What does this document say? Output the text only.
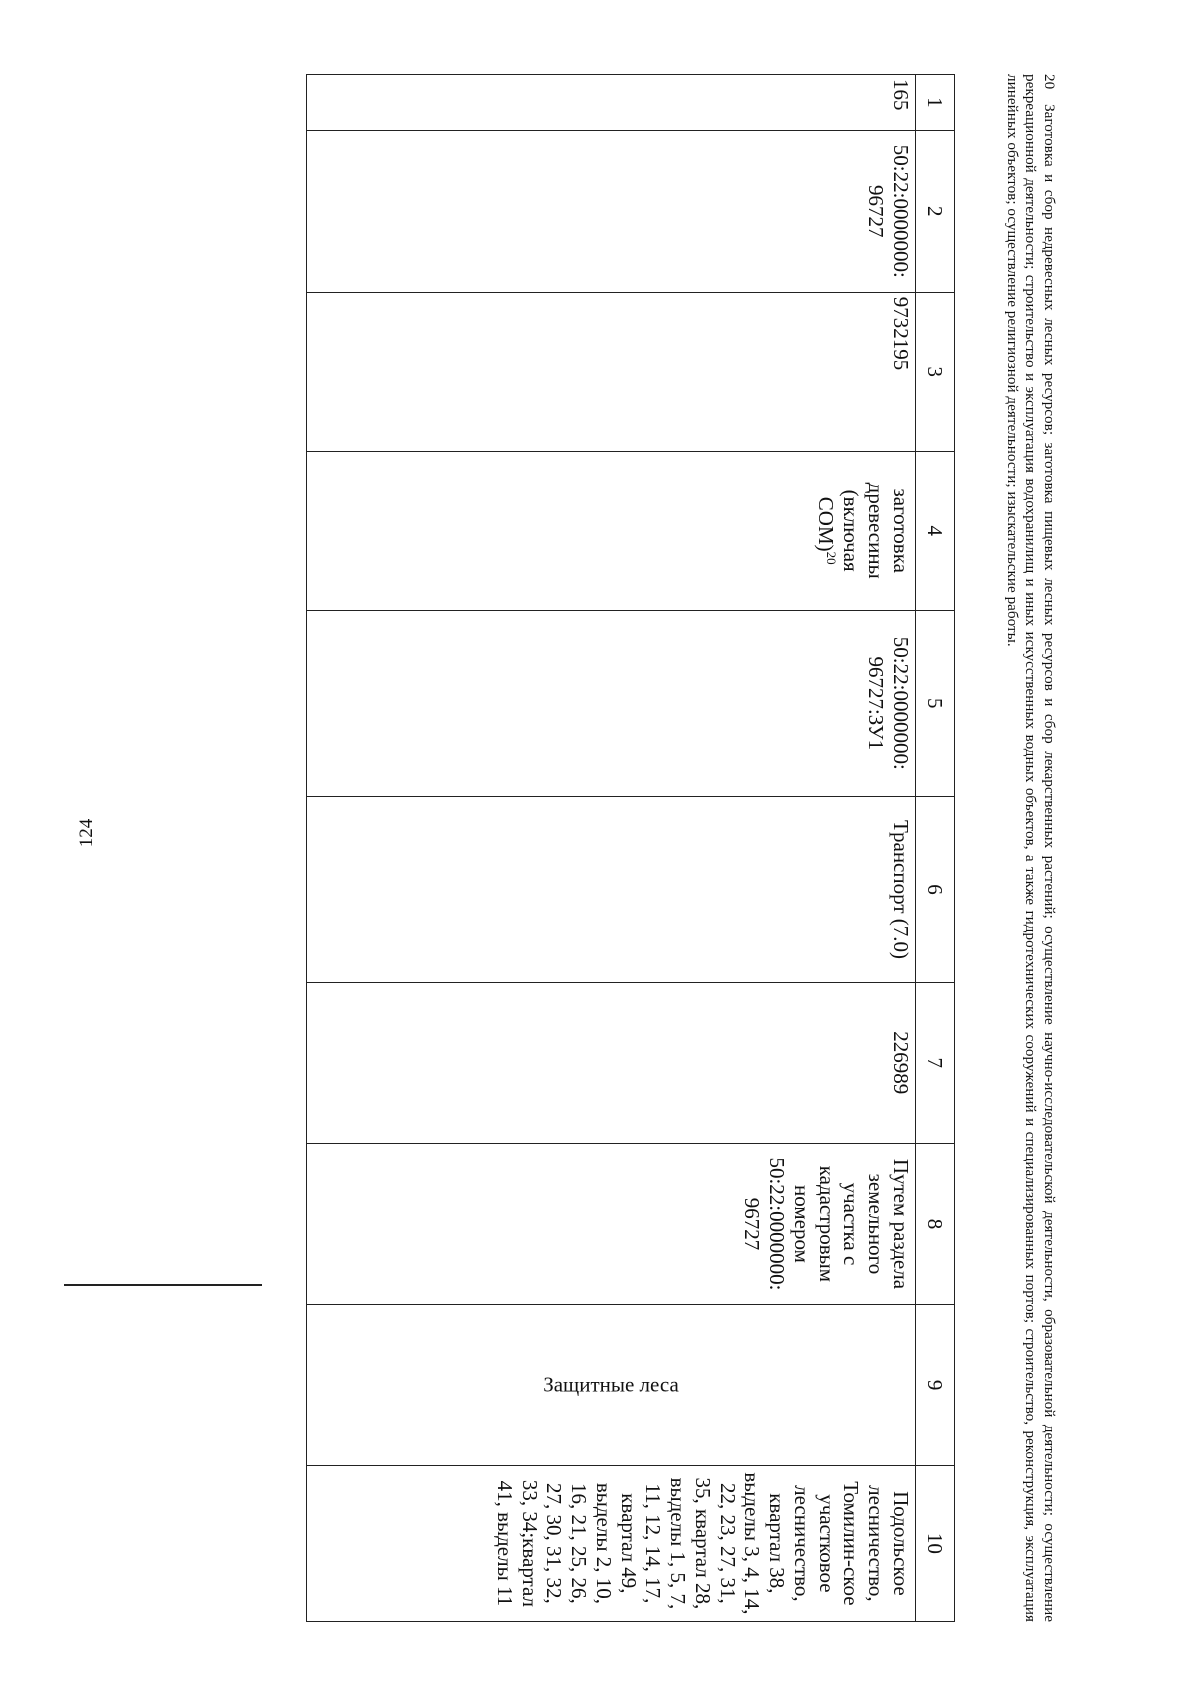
124
1	2	3	4	5	6	7	8	9	10
165	50:22:0000000: 96727	9732195	заготовка древесины (включая СОМ)$^{20}$	50:22:0000000: 96727:ЗУ1	Транспорт (7.0)	226989	Путем раздела земельного участка с кадастровым номером 50:22:0000000: 96727	Защитные леса	Подольское лесничество, Томилин-ское участковое лесничество, квартал 38, выделы 3, 4, 14, 22, 23, 27, 31, 35, квартал 28, выделы 1, 5, 7, 11, 12, 14, 17, квартал 49, выделы 2, 10, 16, 21, 25, 26, 27, 30, 31, 32, 33, 34;квартал 41, выделы 11
20  Заготовка и сбор недревесных лесных ресурсов; заготовка пищевых лесных ресурсов и сбор лекарственных растений; осуществление научно-исследовательской деятельности, образовательной деятельности; осуществление рекреационной деятельности; строительство и эксплуатация водохранилищ и иных искусственных водных объектов, а также гидротехнических сооружений и специализированных портов; строительство, реконструкция, эксплуатация линейных объектов; осуществление религиозной деятельности; изыскательские работы.
